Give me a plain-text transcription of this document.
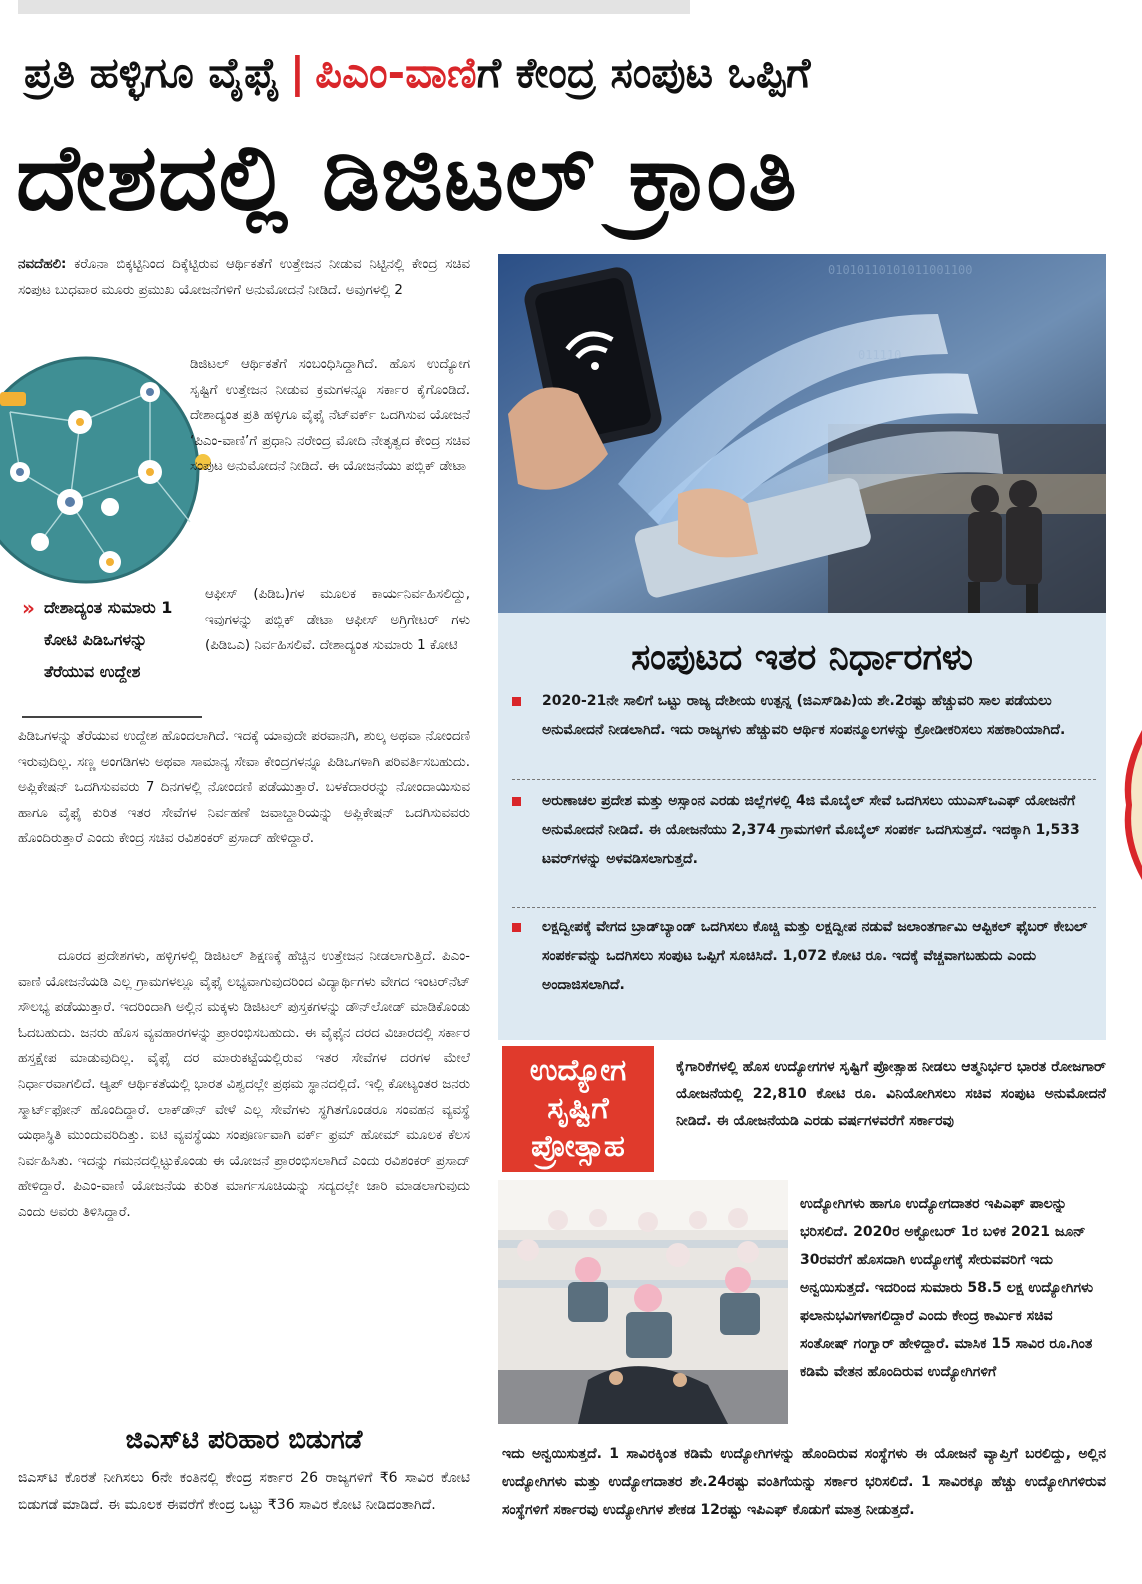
ಪ್ರತಿ ಹಳ್ಳಿಗೂ ವೈಫೈ | ಪಿಎಂ-ವಾಣಿಗೆ ಕೇಂದ್ರ ಸಂಪುಟ ಒಪ್ಪಿಗೆ
ದೇಶದಲ್ಲಿ ಡಿಜಿಟಲ್ ಕ್ರಾಂತಿ

ನವದೆಹಲಿ: ಕರೊನಾ ಬಿಕ್ಕಟ್ಟಿನಿಂದ ದಿಕ್ಕೆಟ್ಟಿರುವ ಆರ್ಥಿಕತೆಗೆ ಉತ್ತೇಜನ ನೀಡುವ ನಿಟ್ಟಿನಲ್ಲಿ ಕೇಂದ್ರ ಸಚಿವ ಸಂಪುಟ ಬುಧವಾರ ಮೂರು ಪ್ರಮುಖ ಯೋಜನೆಗಳಿಗೆ ಅನುಮೋದನೆ ನೀಡಿದೆ. ಅವುಗಳಲ್ಲಿ 2

ಡಿಜಿಟಲ್ ಆರ್ಥಿಕತೆಗೆ ಸಂಬಂಧಿಸಿದ್ದಾಗಿದೆ. ಹೊಸ ಉದ್ಯೋಗ ಸೃಷ್ಟಿಗೆ ಉತ್ತೇಜನ ನೀಡುವ ಕ್ರಮಗಳನ್ನೂ ಸರ್ಕಾರ ಕೈಗೊಂಡಿದೆ. ದೇಶಾದ್ಯಂತ ಪ್ರತಿ ಹಳ್ಳಿಗೂ ವೈಫೈ ನೆಟ್‌ವರ್ಕ್ ಒದಗಿಸುವ ಯೋಜನೆ ‘ಪಿಎಂ-ವಾಣಿ’ಗೆ ಪ್ರಧಾನಿ ನರೇಂದ್ರ ಮೋದಿ ನೇತೃತ್ವದ ಕೇಂದ್ರ ಸಚಿವ ಸಂಪುಟ ಅನುಮೋದನೆ ನೀಡಿದೆ. ಈ ಯೋಜನೆಯು ಪಬ್ಲಿಕ್ ಡೇಟಾ

» ದೇಶಾದ್ಯಂತ ಸುಮಾರು 1 ಕೋಟಿ ಪಿಡಿಒಗಳನ್ನು ತೆರೆಯುವ ಉದ್ದೇಶ

ಆಫೀಸ್ (ಪಿಡಿಒ)ಗಳ ಮೂಲಕ ಕಾರ್ಯನಿರ್ವಹಿಸಲಿದ್ದು, ಇವುಗಳನ್ನು ಪಬ್ಲಿಕ್ ಡೇಟಾ ಆಫೀಸ್ ಅಗ್ರಿಗೇಟರ್ ಗಳು (ಪಿಡಿಒಎ) ನಿರ್ವಹಿಸಲಿವೆ. ದೇಶಾದ್ಯಂತ ಸುಮಾರು 1 ಕೋಟಿ

ಪಿಡಿಒಗಳನ್ನು ತೆರೆಯುವ ಉದ್ದೇಶ ಹೊಂದಲಾಗಿದೆ. ಇದಕ್ಕೆ ಯಾವುದೇ ಪರವಾನಗಿ, ಶುಲ್ಕ ಅಥವಾ ನೋಂದಣಿ ಇರುವುದಿಲ್ಲ. ಸಣ್ಣ ಅಂಗಡಿಗಳು ಅಥವಾ ಸಾಮಾನ್ಯ ಸೇವಾ ಕೇಂದ್ರಗಳನ್ನೂ ಪಿಡಿಒಗಳಾಗಿ ಪರಿವರ್ತಿಸಬಹುದು. ಅಪ್ಲಿಕೇಷನ್ ಒದಗಿಸುವವರು 7 ದಿನಗಳಲ್ಲಿ ನೋಂದಣಿ ಪಡೆಯುತ್ತಾರೆ. ಬಳಕೆದಾರರನ್ನು ನೋಂದಾಯಿಸುವ ಹಾಗೂ ವೈಫೈ ಕುರಿತ ಇತರ ಸೇವೆಗಳ ನಿರ್ವಹಣೆ ಜವಾಬ್ದಾರಿಯನ್ನು ಅಪ್ಲಿಕೇಷನ್ ಒದಗಿಸುವವರು ಹೊಂದಿರುತ್ತಾರೆ ಎಂದು ಕೇಂದ್ರ ಸಚಿವ ರವಿಶಂಕರ್ ಪ್ರಸಾದ್ ಹೇಳಿದ್ದಾರೆ.

ದೂರದ ಪ್ರದೇಶಗಳು, ಹಳ್ಳಿಗಳಲ್ಲಿ ಡಿಜಿಟಲ್ ಶಿಕ್ಷಣಕ್ಕೆ ಹೆಚ್ಚಿನ ಉತ್ತೇಜನ ನೀಡಲಾಗುತ್ತಿದೆ. ಪಿಎಂ-ವಾಣಿ ಯೋಜನೆಯಡಿ ಎಲ್ಲ ಗ್ರಾಮಗಳಲ್ಲೂ ವೈಫೈ ಲಭ್ಯವಾಗುವುದರಿಂದ ವಿದ್ಯಾರ್ಥಿಗಳು ವೇಗದ ಇಂಟರ್‌ನೆಟ್ ಸೌಲಭ್ಯ ಪಡೆಯುತ್ತಾರೆ. ಇದರಿಂದಾಗಿ ಅಲ್ಲಿನ ಮಕ್ಕಳು ಡಿಜಿಟಲ್ ಪುಸ್ತಕಗಳನ್ನು ಡೌನ್‌ಲೋಡ್ ಮಾಡಿಕೊಂಡು ಓದಬಹುದು. ಜನರು ಹೊಸ ವ್ಯವಹಾರಗಳನ್ನು ಪ್ರಾರಂಭಿಸಬಹುದು. ಈ ವೈಫೈನ ದರದ ವಿಚಾರದಲ್ಲಿ ಸರ್ಕಾರ ಹಸ್ತಕ್ಷೇಪ ಮಾಡುವುದಿಲ್ಲ. ವೈಫೈ ದರ ಮಾರುಕಟ್ಟೆಯಲ್ಲಿರುವ ಇತರ ಸೇವೆಗಳ ದರಗಳ ಮೇಲೆ ನಿರ್ಧಾರವಾಗಲಿದೆ. ಆ್ಯಪ್ ಆರ್ಥಿಕತೆಯಲ್ಲಿ ಭಾರತ ವಿಶ್ವದಲ್ಲೇ ಪ್ರಥಮ ಸ್ಥಾನದಲ್ಲಿದೆ. ಇಲ್ಲಿ ಕೋಟ್ಯಂತರ ಜನರು ಸ್ಮಾರ್ಟ್‌ಫೋನ್ ಹೊಂದಿದ್ದಾರೆ. ಲಾಕ್‌ಡೌನ್ ವೇಳೆ ಎಲ್ಲ ಸೇವೆಗಳು ಸ್ಥಗಿತಗೊಂಡರೂ ಸಂವಹನ ವ್ಯವಸ್ಥೆ ಯಥಾಸ್ಥಿತಿ ಮುಂದುವರಿದಿತ್ತು. ಐಟಿ ವ್ಯವಸ್ಥೆಯು ಸಂಪೂರ್ಣವಾಗಿ ವರ್ಕ್ ಫ್ರಮ್ ಹೋಮ್ ಮೂಲಕ ಕೆಲಸ ನಿರ್ವಹಿಸಿತು. ಇದನ್ನು ಗಮನದಲ್ಲಿಟ್ಟುಕೊಂಡು ಈ ಯೋಜನೆ ಪ್ರಾರಂಭಿಸಲಾಗಿದೆ ಎಂದು ರವಿಶಂಕರ್ ಪ್ರಸಾದ್ ಹೇಳಿದ್ದಾರೆ. ಪಿಎಂ-ವಾಣಿ ಯೋಜನೆಯ ಕುರಿತ ಮಾರ್ಗಸೂಚಿಯನ್ನು ಸದ್ಯದಲ್ಲೇ ಜಾರಿ ಮಾಡಲಾಗುವುದು ಎಂದು ಅವರು ತಿಳಿಸಿದ್ದಾರೆ.

ಜಿಎಸ್‌ಟಿ ಪರಿಹಾರ ಬಿಡುಗಡೆ

ಜಿಎಸ್‌ಟಿ ಕೊರತೆ ನೀಗಿಸಲು 6ನೇ ಕಂತಿನಲ್ಲಿ ಕೇಂದ್ರ ಸರ್ಕಾರ 26 ರಾಜ್ಯಗಳಿಗೆ ₹6 ಸಾವಿರ ಕೋಟಿ ಬಿಡುಗಡೆ ಮಾಡಿದೆ. ಈ ಮೂಲಕ ಈವರೆಗೆ ಕೇಂದ್ರ ಒಟ್ಟು ₹36 ಸಾವಿರ ಕೋಟಿ ನೀಡಿದಂತಾಗಿದೆ.

01010110101011001100
011110
ಸಂಪುಟದ ಇತರ ನಿರ್ಧಾರಗಳು

2020-21ನೇ ಸಾಲಿಗೆ ಒಟ್ಟು ರಾಜ್ಯ ದೇಶೀಯ ಉತ್ಪನ್ನ (ಜಿಎಸ್‌ಡಿಪಿ)ಯ ಶೇ.2ರಷ್ಟು ಹೆಚ್ಚುವರಿ ಸಾಲ ಪಡೆಯಲು ಅನುಮೋದನೆ ನೀಡಲಾಗಿದೆ. ಇದು ರಾಜ್ಯಗಳು ಹೆಚ್ಚುವರಿ ಆರ್ಥಿಕ ಸಂಪನ್ಮೂಲಗಳನ್ನು ಕ್ರೋಡೀಕರಿಸಲು ಸಹಕಾರಿಯಾಗಿದೆ.

ಅರುಣಾಚಲ ಪ್ರದೇಶ ಮತ್ತು ಅಸ್ಸಾಂನ ಎರಡು ಜಿಲ್ಲೆಗಳಲ್ಲಿ 4ಜಿ ಮೊಬೈಲ್ ಸೇವೆ ಒದಗಿಸಲು ಯುಎಸ್‌ಒಎಫ್ ಯೋಜನೆಗೆ ಅನುಮೋದನೆ ನೀಡಿದೆ. ಈ ಯೋಜನೆಯು 2,374 ಗ್ರಾಮಗಳಿಗೆ ಮೊಬೈಲ್ ಸಂಪರ್ಕ ಒದಗಿಸುತ್ತದೆ. ಇದಕ್ಕಾಗಿ 1,533 ಟವರ್‌ಗಳನ್ನು ಅಳವಡಿಸಲಾಗುತ್ತದೆ.

ಲಕ್ಷದ್ವೀಪಕ್ಕೆ ವೇಗದ ಬ್ರಾಡ್‌ಬ್ಯಾಂಡ್ ಒದಗಿಸಲು ಕೊಚ್ಚಿ ಮತ್ತು ಲಕ್ಷದ್ವೀಪ ನಡುವೆ ಜಲಾಂತರ್ಗಾಮಿ ಆಪ್ಟಿಕಲ್ ಫೈಬರ್ ಕೇಬಲ್ ಸಂಪರ್ಕವನ್ನು ಒದಗಿಸಲು ಸಂಪುಟ ಒಪ್ಪಿಗೆ ಸೂಚಿಸಿದೆ. 1,072 ಕೋಟಿ ರೂ. ಇದಕ್ಕೆ ವೆಚ್ಚವಾಗಬಹುದು ಎಂದು ಅಂದಾಜಿಸಲಾಗಿದೆ.

ಉದ್ಯೋಗ
ಸೃಷ್ಟಿಗೆ
ಪ್ರೋತ್ಸಾಹ

ಕೈಗಾರಿಕೆಗಳಲ್ಲಿ ಹೊಸ ಉದ್ಯೋಗಗಳ ಸೃಷ್ಟಿಗೆ ಪ್ರೋತ್ಸಾಹ ನೀಡಲು ಆತ್ಮನಿರ್ಭರ ಭಾರತ ರೋಜಗಾರ್ ಯೋಜನೆಯಲ್ಲಿ 22,810 ಕೋಟಿ ರೂ. ವಿನಿಯೋಗಿಸಲು ಸಚಿವ ಸಂಪುಟ ಅನುಮೋದನೆ ನೀಡಿದೆ. ಈ ಯೋಜನೆಯಡಿ ಎರಡು ವರ್ಷಗಳವರೆಗೆ ಸರ್ಕಾರವು

ಉದ್ಯೋಗಿಗಳು ಹಾಗೂ ಉದ್ಯೋಗದಾತರ ಇಪಿಎಫ್ ಪಾಲನ್ನು ಭರಿಸಲಿದೆ. 2020ರ ಅಕ್ಟೋಬರ್ 1ರ ಬಳಿಕ 2021 ಜೂನ್ 30ರವರೆಗೆ ಹೊಸದಾಗಿ ಉದ್ಯೋಗಕ್ಕೆ ಸೇರುವವರಿಗೆ ಇದು ಅನ್ವಯಿಸುತ್ತದೆ. ಇದರಿಂದ ಸುಮಾರು 58.5 ಲಕ್ಷ ಉದ್ಯೋಗಿಗಳು ಫಲಾನುಭವಿಗಳಾಗಲಿದ್ದಾರೆ ಎಂದು ಕೇಂದ್ರ ಕಾರ್ಮಿಕ ಸಚಿವ ಸಂತೋಷ್ ಗಂಗ್ವಾರ್ ಹೇಳಿದ್ದಾರೆ. ಮಾಸಿಕ 15 ಸಾವಿರ ರೂ.ಗಿಂತ ಕಡಿಮೆ ವೇತನ ಹೊಂದಿರುವ ಉದ್ಯೋಗಿಗಳಿಗೆ

ಇದು ಅನ್ವಯಿಸುತ್ತದೆ. 1 ಸಾವಿರಕ್ಕಿಂತ ಕಡಿಮೆ ಉದ್ಯೋಗಿಗಳನ್ನು ಹೊಂದಿರುವ ಸಂಸ್ಥೆಗಳು ಈ ಯೋಜನೆ ವ್ಯಾಪ್ತಿಗೆ ಬರಲಿದ್ದು, ಅಲ್ಲಿನ ಉದ್ಯೋಗಿಗಳು ಮತ್ತು ಉದ್ಯೋಗದಾತರ ಶೇ.24ರಷ್ಟು ವಂತಿಗೆಯನ್ನು ಸರ್ಕಾರ ಭರಿಸಲಿದೆ. 1 ಸಾವಿರಕ್ಕೂ ಹೆಚ್ಚು ಉದ್ಯೋಗಿಗಳಿರುವ ಸಂಸ್ಥೆಗಳಿಗೆ ಸರ್ಕಾರವು ಉದ್ಯೋಗಿಗಳ ಶೇಕಡ 12ರಷ್ಟು ಇಪಿಎಫ್ ಕೊಡುಗೆ ಮಾತ್ರ ನೀಡುತ್ತದೆ.
